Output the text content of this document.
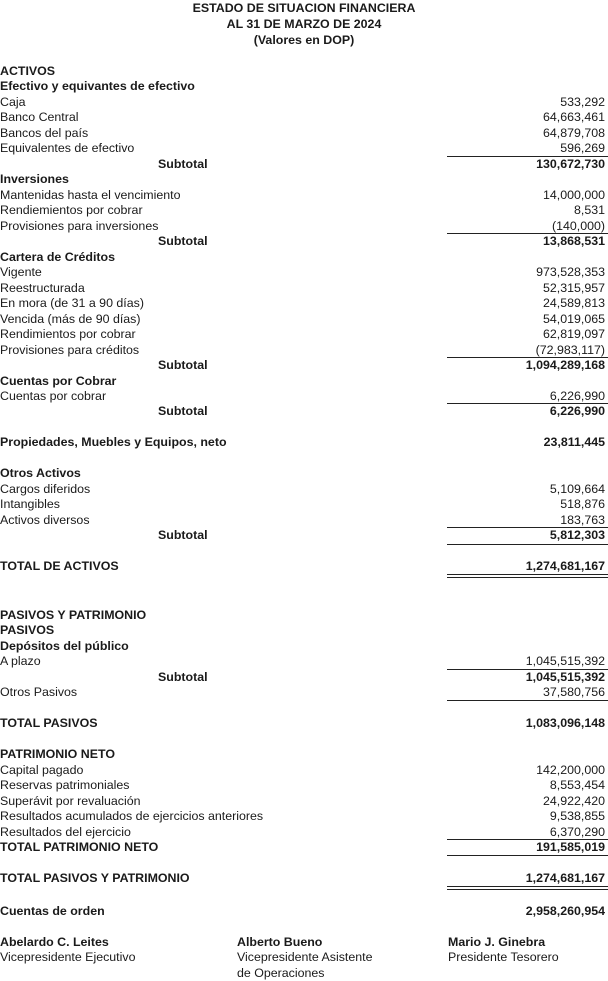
ESTADO DE SITUACION FINANCIERA
AL 31 DE MARZO DE 2024
(Valores en DOP)
ACTIVOS
Efectivo y equivantes de efectivo
Caja	533,292
Banco Central	64,663,461
Bancos del país	64,879,708
Equivalentes de efectivo	596,269
Subtotal	130,672,730
Inversiones
Mantenidas hasta el vencimiento	14,000,000
Rendiemientos por cobrar	8,531
Provisiones para inversiones	(140,000)
Subtotal	13,868,531
Cartera de Créditos
Vigente	973,528,353
Reestructurada	52,315,957
En mora (de 31 a 90 días)	24,589,813
Vencida (más de 90 días)	54,019,065
Rendimientos por cobrar	62,819,097
Provisiones para créditos	(72,983,117)
Subtotal	1,094,289,168
Cuentas por Cobrar
Cuentas por cobrar	6,226,990
Subtotal	6,226,990
Propiedades, Muebles y Equipos, neto	23,811,445
Otros Activos
Cargos diferidos	5,109,664
Intangibles	518,876
Activos diversos	183,763
Subtotal	5,812,303
TOTAL DE ACTIVOS	1,274,681,167
PASIVOS Y PATRIMONIO
PASIVOS
Depósitos del público
A plazo	1,045,515,392
Subtotal	1,045,515,392
Otros Pasivos	37,580,756
TOTAL PASIVOS	1,083,096,148
PATRIMONIO NETO
Capital pagado	142,200,000
Reservas patrimoniales	8,553,454
Superávit por revaluación	24,922,420
Resultados acumulados de ejercicios anteriores	9,538,855
Resultados del ejercicio	6,370,290
TOTAL PATRIMONIO NETO	191,585,019
TOTAL PASIVOS Y PATRIMONIO	1,274,681,167
Cuentas de orden	2,958,260,954
Abelardo C. Leites
Vicepresidente Ejecutivo
Alberto Bueno
Vicepresidente Asistente
de Operaciones
Mario J. Ginebra
Presidente Tesorero
